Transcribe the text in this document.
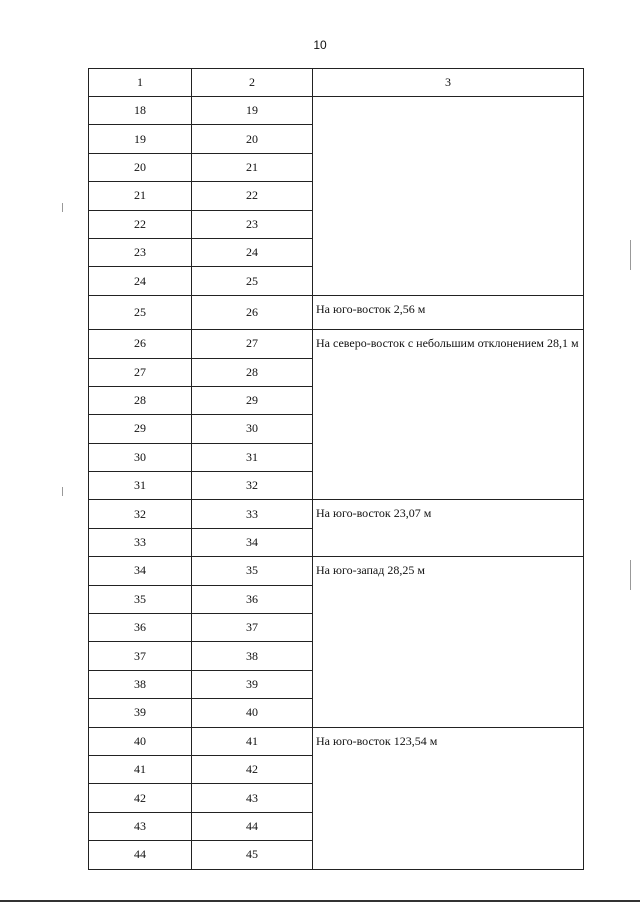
10
1	2	3
18	19	
19	20	
20	21	
21	22	
22	23	
23	24	
24	25	
25	26	На юго-восток 2,56 м
26	27	На северо-восток с небольшим отклонением 28,1 м
27	28	
28	29	
29	30	
30	31	
31	32	
32	33	На юго-восток 23,07 м
33	34	
34	35	На юго-запад 28,25 м
35	36	
36	37	
37	38	
38	39	
39	40	
40	41	На юго-восток 123,54 м
41	42	
42	43	
43	44	
44	45	
